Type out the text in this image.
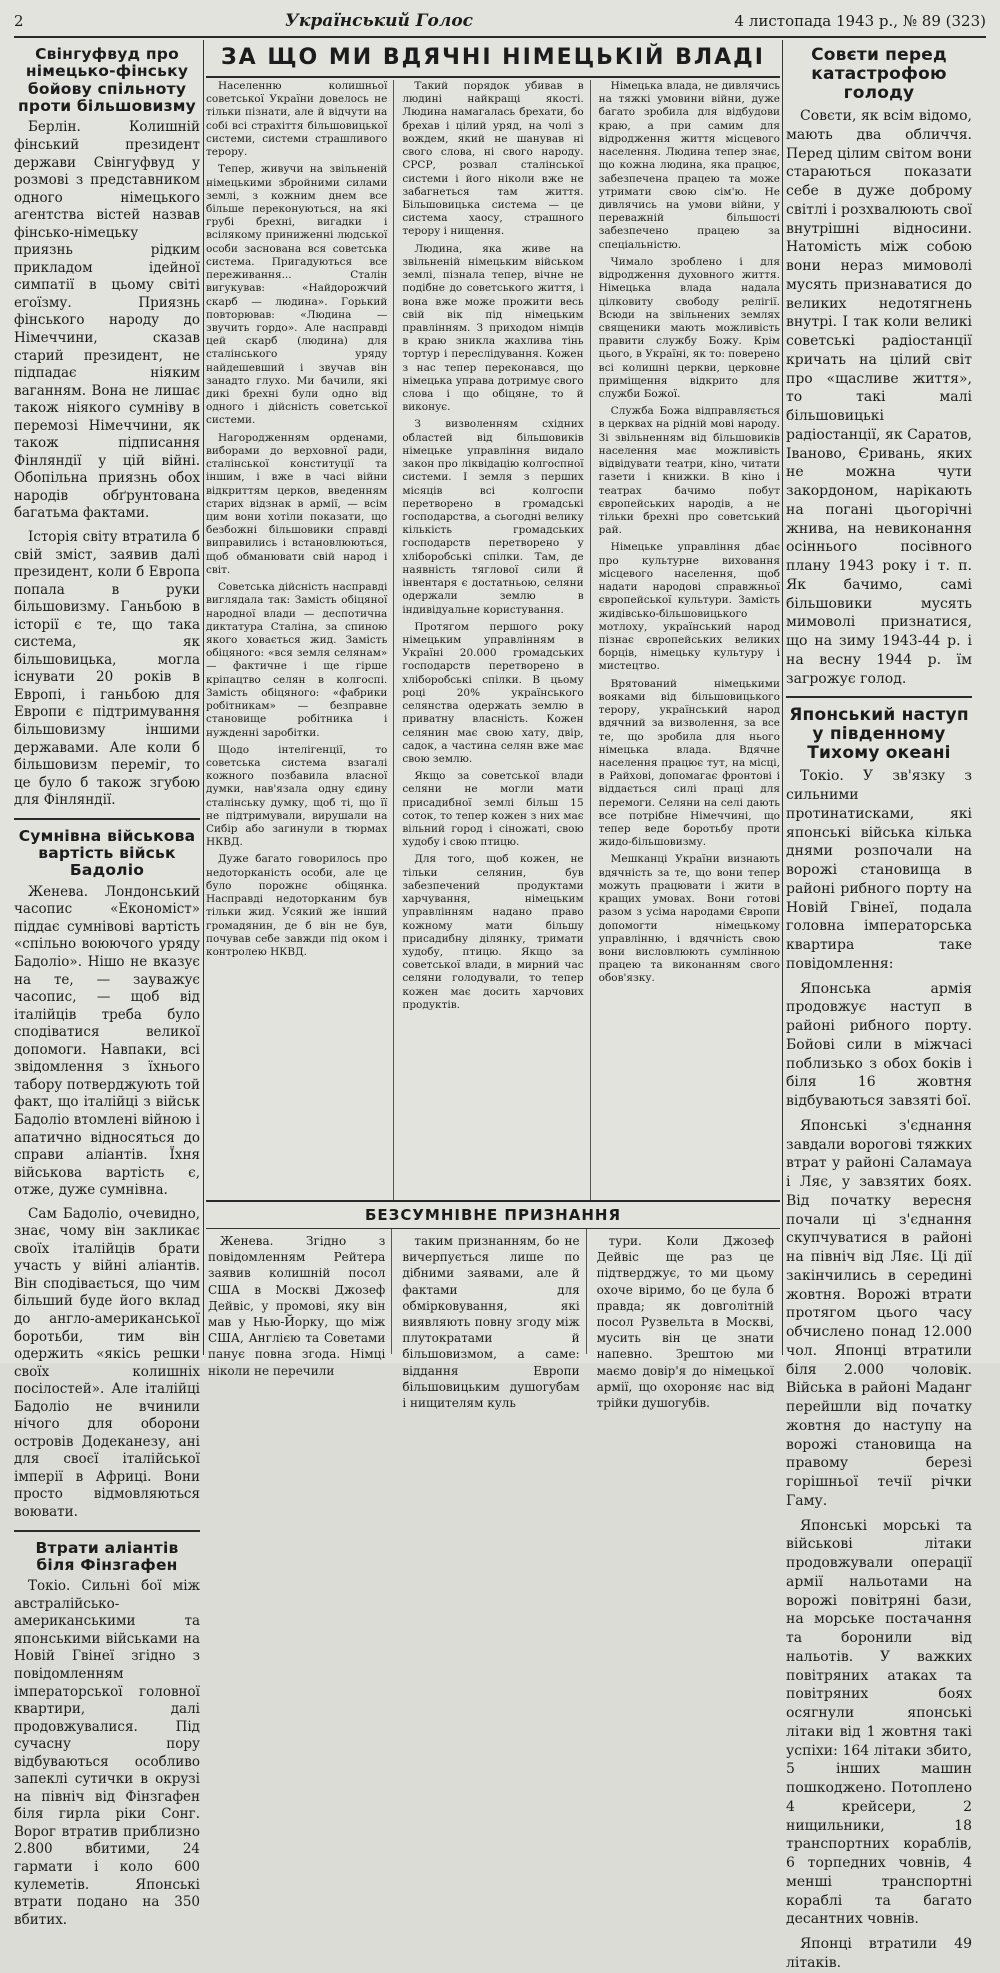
2	Український Голос	4 листопада 1943 р., № 89 (323)
Свінгуфвуд про німецько-фінську бойову спільноту проти більшовизму

Берлін. Колишній фінський президент держави Свінгуфвуд у розмові з представником одного німецького агентства вістей назвав фінсько-німецьку приязнь рідким прикладом ідейної симпатії в цьому світі егоїзму. Приязнь фінського народу до Німеччини, сказав старий президент, не підпадає ніяким ваганням. Вона не лишає також ніякого сумніву в перемозі Німеччини, як також підписання Фінляндії у цій війні. Обопільна приязнь обох народів обґрунтована багатьма фактами.

Історія світу втратила б свій зміст, заявив далі президент, коли б Европа попала в руки більшовизму. Ганьбою в історії є те, що така система, як більшовицька, могла існувати 20 років в Европі, і ганьбою для Европи є підтримування більшовизму іншими державами. Але коли б більшовизм переміг, то це було б також згубою для Фінляндії.

Сумнівна військова вартість військ Бадоліо

Женева. Лондонський часопис «Економіст» піддає сумнівові вартість «спільно воюючого уряду Бадоліо». Нішо не вказує на те, — зауважує часопис, — щоб від італійців треба було сподіватися великої допомоги. Навпаки, всі звідомлення з їхнього табору потверджують той факт, що італійці з військ Бадоліо втомлені війною і апатично відносяться до справи аліантів. Їхня військова вартість є, отже, дуже сумнівна.

Сам Бадоліо, очевидно, знає, чому він закликає своїх італійців брати участь у війні аліантів. Він сподівається, що чим більший буде його вклад до англо-американської боротьби, тим він одержить «якісь решки своїх колишніх посілостей». Але італійці Бадоліо не вчинили нічого для оборони островів Додеканезу, ані для своєї італійської імперії в Африці. Вони просто відмовляються воювати.

Втрати аліантів біля Фінзгафен

Токіо. Сильні бої між австралійсько-американськими та японськими військами на Новій Гвінеї згідно з повідомленням імператорської головної квартири, далі продовжувалися. Під сучасну пору відбуваються особливо запеклі сутички в окрузі на північ від Фінзгафен біля гирла ріки Сонг. Ворог втратив приблизно 2.800 вбитими, 24 гармати і коло 600 кулеметів. Японські втрати подано на 350 вбитих.

ЗА ЩО МИ ВДЯЧНІ НІМЕЦЬКІЙ ВЛАДІ

Населенню колишньої советської України довелось не тільки пізнати, але й відчути на собі всі страхіття більшовицької системи, системи страшливого терору.

Тепер, живучи на звільненій німецькими збройними силами землі, з кожним днем все більше переконуються, на які грубі брехні, вигадки і всілякому приниженні людської особи заснована вся советська система. Пригадуються все переживання... Сталін вигукував: «Найдорожчий скарб — людина». Горький повторював: «Людина — звучить гордо». Але насправді цей скарб (людина) для сталінського уряду найдешевший і звучав він занадто глухо. Ми бачили, які дикі брехні були одно від одного і дійсність советської системи.

Нагородженням орденами, виборами до верховної ради, сталінської конституції та іншим, і вже в часі війни відкриттям церков, введенням старих відзнак в армії, — всім цим вони хотіли показати, що безбожні більшовики справді виправились і встановлюються, щоб обманювати свій народ і світ.

Советська дійсність насправді виглядала так: Замість обіцяної народної влади — деспотична диктатура Сталіна, за спиною якого ховається жид. Замість обіцяного: «вся земля селянам» — фактичне і ще гірше кріпацтво селян в колгоспі. Замість обіцяного: «фабрики робітникам» — безправне становище робітника і нужденні заробітки.

Щодо інтелігенції, то советська система взагалі кожного позбавила власної думки, нав'язала одну єдину сталінську думку, щоб ті, що її не підтримували, вирушали на Сибір або загинули в тюрмах НКВД.

Дуже багато говорилось про недоторканість особи, але це було порожнє обіцянка. Насправді недоторканим був тільки жид. Усякий же інший громадянин, де б він не був, почував себе завжди під оком і контролею НКВД.

Такий порядок убивав в людині найкращі якості. Людина намагалась брехати, бо брехав і цілий уряд, на чолі з вождем, який не шанував ні свого слова, ні свого народу. СРСР, розвал сталінської системи і його ніколи вже не забагнеться там життя. Більшовицька система — це система хаосу, страшного терору і нищення.

Людина, яка живе на звільненій німецьким військом землі, пізнала тепер, вічне не подібне до советського життя, і вона вже може прожити весь свій вік під німецьким правлінням. З приходом німців в краю зникла жахлива тінь тортур і переслідування. Кожен з нас тепер переконався, що німецька управа дотримує свого слова і що обіцяне, то й виконує.

З визволенням східних областей від більшовиків німецьке управління видало закон про ліквідацію колгоспної системи. І земля з перших місяців всі колгоспи перетворено в громадські господарства, а сьогодні велику кількість громадських господарств перетворено у хліборобські спілки. Там, де наявність тяглової сили й інвентаря є достатньою, селяни одержали землю в індивідуальне користування.

Протягом першого року німецьким управлінням в Україні 20.000 громадських господарств перетворено в хліборобські спілки. В цьому році 20% українського селянства одержать землю в приватну власність. Кожен селянин має свою хату, двір, садок, а частина селян вже має свою землю.

Якщо за советської влади селяни не могли мати присадибної землі більш 15 соток, то тепер кожен з них має вільний город і сіножаті, свою худобу і свою птицю.

Для того, щоб кожен, не тільки селянин, був забезпечений продуктами харчування, німецьким управлінням надано право кожному мати більшу присадибну ділянку, тримати худобу, птицю. Якщо за советської влади, в мирний час селяни голодували, то тепер кожен має досить харчових продуктів.

Німецька влада, не дивлячись на тяжкі умовини війни, дуже багато зробила для відбудови краю, а при самим для відродження життя місцевого населення. Людина тепер знає, що кожна людина, яка працює, забезпечена працею та може утримати свою сім'ю. Не дивлячись на умови війни, у переважній більшості забезпечено працею за спеціальністю.

Чимало зроблено і для відродження духовного життя. Німецька влада надала цілковиту свободу релігії. Всюди на звільнених землях священики мають можливість правити службу Божу. Крім цього, в Україні, як то: поверено всі колишні церкви, церковне приміщення відкрито для служби Божої.

Служба Божа відправляється в церквах на рідній мові народу. Зі звільненням від більшовиків населення має можливість відвідувати театри, кіно, читати газети і книжки. В кіно і театрах бачимо побут європейських народів, а не тільки брехні про советський рай.

Німецьке управління дбає про культурне виховання місцевого населення, щоб надати народові справжньої європейської культури. Замість жидівсько-більшовицького мотлоху, український народ пізнає європейських великих борців, німецьку культуру і мистецтво.

Врятований німецькими вояками від більшовицького терору, український народ вдячний за визволення, за все те, що зробила для нього німецька влада. Вдячне населення працює тут, на місці, в Райхові, допомагає фронтові і віддається силі праці для перемоги. Селяни на селі дають все потрібне Німеччині, що тепер веде боротьбу проти жидо-більшовизму.

Мешканці України визнають вдячність за те, що вони тепер можуть працювати і жити в кращих умовах. Вони готові разом з усіма народами Європи допомогти німецькому управлінню, і вдячність свою вони висловлюють сумлінною працею та виконанням свого обов'язку.

БЕЗСУМНІВНЕ ПРИЗНАННЯ

Женева. Згідно з повідомленням Рейтера заявив колишній посол США в Москві Джозеф Дейвіс, у промові, яку він мав у Нью-Йорку, що між США, Англією та Советами панує повна згода. Німці ніколи не перечили

таким признанням, бо не вичерпується лише по дібними заявами, але й фактами для обмірковування, які виявляють повну згоду між плутократами й більшовизмом, а саме: віддання Европи більшовицьким душогубам і нищителям куль

тури. Коли Джозеф Дейвіс ще раз це підтверджує, то ми цьому охоче віримо, бо це була б правда; як довголітній посол Рузвельта в Москві, мусить він це знати напевно. Зрештою ми маємо довір'я до німецької армії, що охороняє нас від трійки душогубів.

Совєти перед катастрофою голоду

Совєти, як всім відомо, мають два обличчя. Перед цілим світом вони стараються показати себе в дуже доброму світлі і розхвалюють свої внутрішні відносини. Натомість між собою вони нераз мимоволі мусять признаватися до великих недотягнень внутрі. І так коли великі советські радіостанції кричать на цілий світ про «щасливе життя», то такі малі більшовицькі радіостанції, як Саратов, Іваново, Єривань, яких не можна чути закордоном, нарікають на погані цьогорічні жнива, на невиконання осіннього посівного плану 1943 року і т. п. Як бачимо, самі більшовики мусять мимоволі признатися, що на зиму 1943-44 р. і на весну 1944 р. їм загрожує голод.

Японський наступ у південному Тихому океані

Токіо. У зв'язку з сильними протинатисками, які японські війська кілька днями розпочали на ворожі становища в районі рибного порту на Новій Гвінеї, подала головна імператорська квартира таке повідомлення:

Японська армія продовжує наступ в районі рибного порту. Бойові сили в міжчасі поблизько з обох боків і біля 16 жовтня відбуваються завзяті бої.

Японські з'єднання завдали ворогові тяжких втрат у районі Саламауа і Ляє, у завзятих боях. Від початку вересня почали ці з'єднання скупчуватися в районі на північ від Ляє. Ці дії закінчились в середині жовтня. Ворожі втрати протягом цього часу обчислено понад 12.000 чол. Японці втратили біля 2.000 чоловік. Війська в районі Маданг перейшли від початку жовтня до наступу на ворожі становища на правому березі горішньої течії річки Гаму.

Японські морські та військові літаки продовжували операції армії нальотами на ворожі повітряні бази, на морське постачання та боронили від нальотів. У важких повітряних атаках та повітряних боях осягнули японські літаки від 1 жовтня такі успіхи: 164 літаки збито, 5 інших машин пошкоджено. Потоплено 4 крейсери, 2 нищильники, 18 транспортних кораблів, 6 торпедних човнів, 4 менші транспортні кораблі та багато десантних човнів.

Японці втратили 49 літаків.
